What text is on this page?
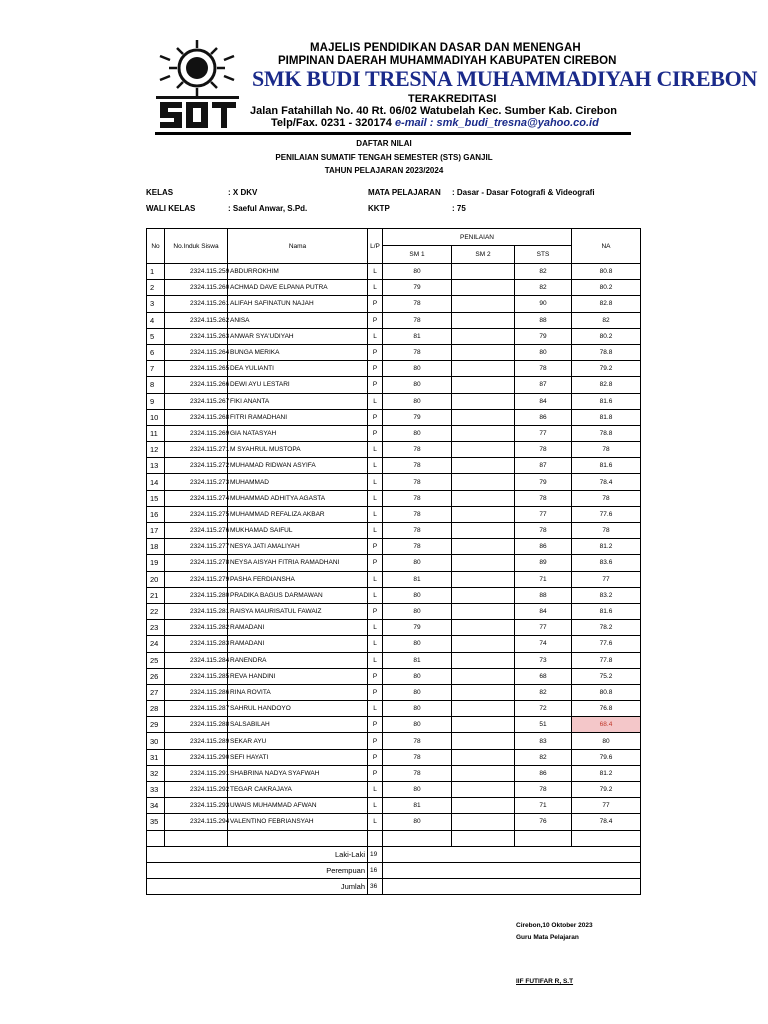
MAJELIS PENDIDIKAN DASAR DAN MENENGAH
PIMPINAN DAERAH MUHAMMADIYAH KABUPATEN CIREBON
SMK BUDI TRESNA MUHAMMADIYAH CIREBON
TERAKREDITASI
Jalan Fatahillah No. 40 Rt. 06/02 Watubelah Kec. Sumber Kab. Cirebon
Telp/Fax. 0231 - 320174 e-mail : smk_budi_tresna@yahoo.co.id
DAFTAR NILAI
PENILAIAN SUMATIF TENGAH SEMESTER (STS) GANJIL
TAHUN PELAJARAN 2023/2024
KELAS	: X DKV
WALI KELAS	: Saeful Anwar, S.Pd.
MATA PELAJARAN : Dasar - Dasar Fotografi & Videografi
KKTP	: 75
No	No.Induk Siswa	Nama	L/P	PENILAIAN			NA
				SM 1	SM 2	STS	
1	2324.115.259	ABDURROKHIM	L	80		82	80.8
2	2324.115.260	ACHMAD DAVE ELPANA PUTRA	L	79		82	80.2
3	2324.115.261	ALIFAH SAFINATUN NAJAH	P	78		90	82.8
4	2324.115.262	ANISA	P	78		88	82
5	2324.115.263	ANWAR SYA'UDIYAH	L	81		79	80.2
6	2324.115.264	BUNGA MERIKA	P	78		80	78.8
7	2324.115.265	DEA YULIANTI	P	80		78	79.2
8	2324.115.266	DEWI AYU LESTARI	P	80		87	82.8
9	2324.115.267	FIKI ANANTA	L	80		84	81.6
10	2324.115.268	FITRI RAMADHANI	P	79		86	81.8
11	2324.115.269	GIA NATASYAH	P	80		77	78.8
12	2324.115.271	M SYAHRUL MUSTOPA	L	78		78	78
13	2324.115.272	MUHAMAD RIDWAN ASYIFA	L	78		87	81.6
14	2324.115.273	MUHAMMAD	L	78		79	78.4
15	2324.115.274	MUHAMMAD ADHITYA AGASTA	L	78		78	78
16	2324.115.275	MUHAMMAD REFALIZA AKBAR	L	78		77	77.6
17	2324.115.276	MUKHAMAD SAIFUL	L	78		78	78
18	2324.115.277	NESYA JATI AMALIYAH	P	78		86	81.2
19	2324.115.278	NEYSA AISYAH FITRIA RAMADHANI	P	80		89	83.6
20	2324.115.279	PASHA FERDIANSHA	L	81		71	77
21	2324.115.280	PRADIKA BAGUS DARMAWAN	L	80		88	83.2
22	2324.115.281	RAISYA MAURISATUL FAWAIZ	P	80		84	81.6
23	2324.115.282	RAMADANI	L	79		77	78.2
24	2324.115.283	RAMADANI	L	80		74	77.6
25	2324.115.284	RANENDRA	L	81		73	77.8
26	2324.115.285	REVA HANDINI	P	80		68	75.2
27	2324.115.286	RINA ROVITA	P	80		82	80.8
28	2324.115.287	SAHRUL HANDOYO	L	80		72	76.8
29	2324.115.288	SALSABILAH	P	80		51	68.4
30	2324.115.289	SEKAR AYU	P	78		83	80
31	2324.115.290	SEFI HAYATI	P	78		82	79.6
32	2324.115.291	SHABRINA NADYA SYAFWAH	P	78		86	81.2
33	2324.115.292	TEGAR CAKRAJAYA	L	80		78	79.2
34	2324.115.293	UWAIS MUHAMMAD AFWAN	L	81		71	77
35	2324.115.294	VALENTINO FEBRIANSYAH	L	80		76	78.4

Laki-Laki			19				
Perempuan			16				
Jumlah			36				
Cirebon,10 Oktober 2023
Guru Mata Pelajaran
IIF FUTIFAR R, S.T
